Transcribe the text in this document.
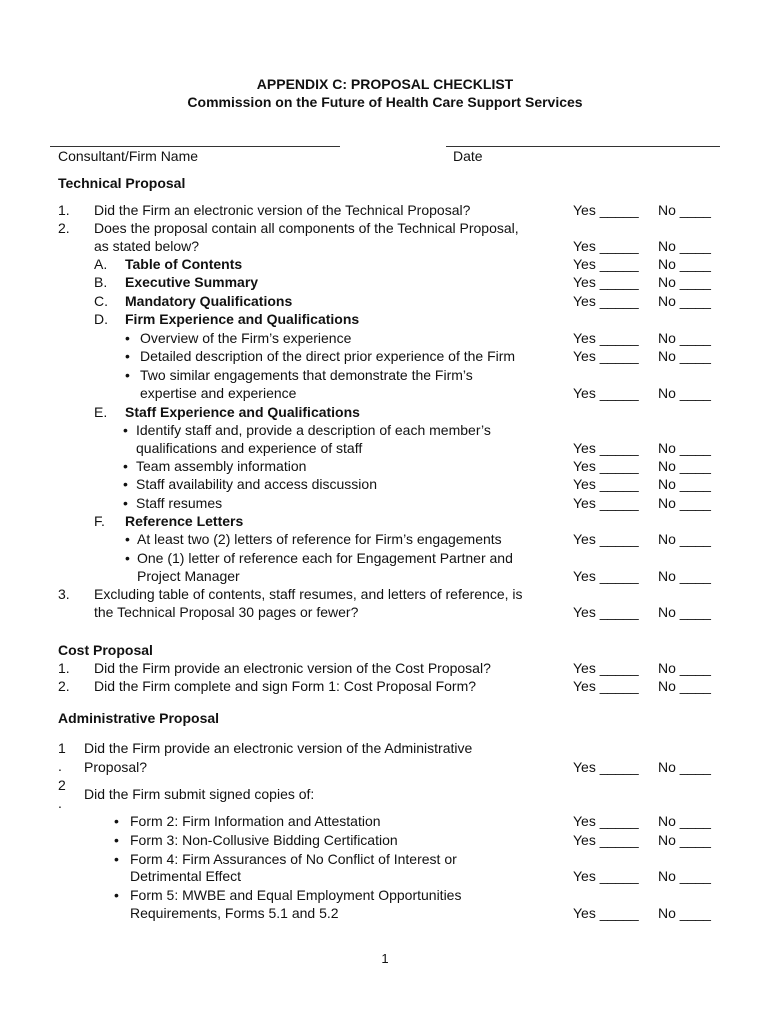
APPENDIX C: PROPOSAL CHECKLIST
Commission on the Future of Health Care Support Services
Consultant/Firm Name	Date
Technical Proposal
1. Did the Firm an electronic version of the Technical Proposal?	Yes _____ No ____
2. Does the proposal contain all components of the Technical Proposal,
as stated below?	Yes _____ No ____
A. Table of Contents	Yes _____ No ____
B. Executive Summary	Yes _____ No ____
C. Mandatory Qualifications	Yes _____ No ____
D. Firm Experience and Qualifications
• Overview of the Firm’s experience	Yes _____ No ____
• Detailed description of the direct prior experience of the Firm	Yes _____ No ____
• Two similar engagements that demonstrate the Firm’s
expertise and experience	Yes _____ No ____
E. Staff Experience and Qualifications
• Identify staff and, provide a description of each member’s
qualifications and experience of staff	Yes _____ No ____
• Team assembly information	Yes _____ No ____
• Staff availability and access discussion	Yes _____ No ____
• Staff resumes	Yes _____ No ____
F. Reference Letters
• At least two (2) letters of reference for Firm’s engagements	Yes _____ No ____
• One (1) letter of reference each for Engagement Partner and
Project Manager	Yes _____ No ____
3. Excluding table of contents, staff resumes, and letters of reference, is
the Technical Proposal 30 pages or fewer?	Yes _____ No ____
Cost Proposal
1. Did the Firm provide an electronic version of the Cost Proposal?	Yes _____ No ____
2. Did the Firm complete and sign Form 1: Cost Proposal Form?	Yes _____ No ____
Administrative Proposal
1
.
Did the Firm provide an electronic version of the Administrative
Proposal?	Yes _____ No ____
2
.
Did the Firm submit signed copies of:
• Form 2: Firm Information and Attestation	Yes _____ No ____
• Form 3: Non-Collusive Bidding Certification	Yes _____ No ____
• Form 4: Firm Assurances of No Conflict of Interest or
Detrimental Effect	Yes _____ No ____
• Form 5: MWBE and Equal Employment Opportunities
Requirements, Forms 5.1 and 5.2	Yes _____ No ____
1
